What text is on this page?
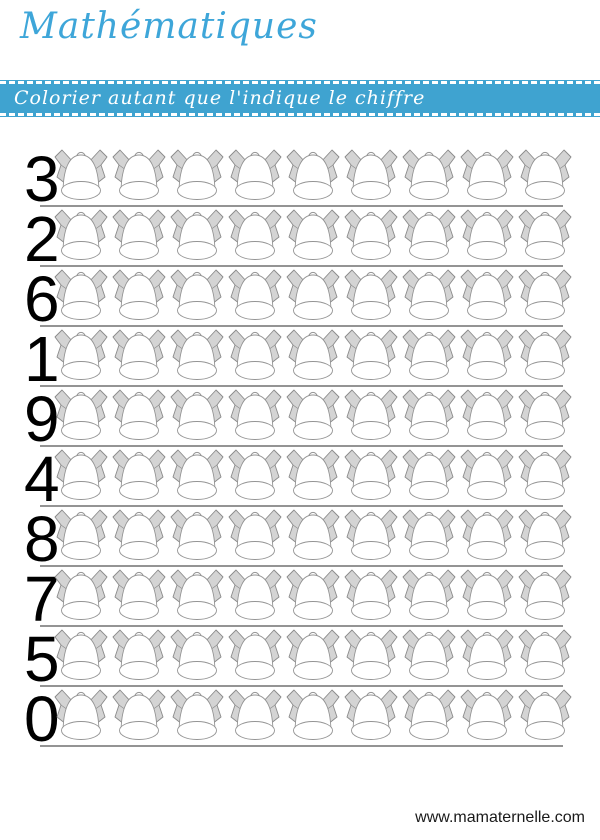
Mathématiques
Colorier autant que l'indique le chiffre
3
2
6
1
9
4
8
7
5
0
www.mamaternelle.com
